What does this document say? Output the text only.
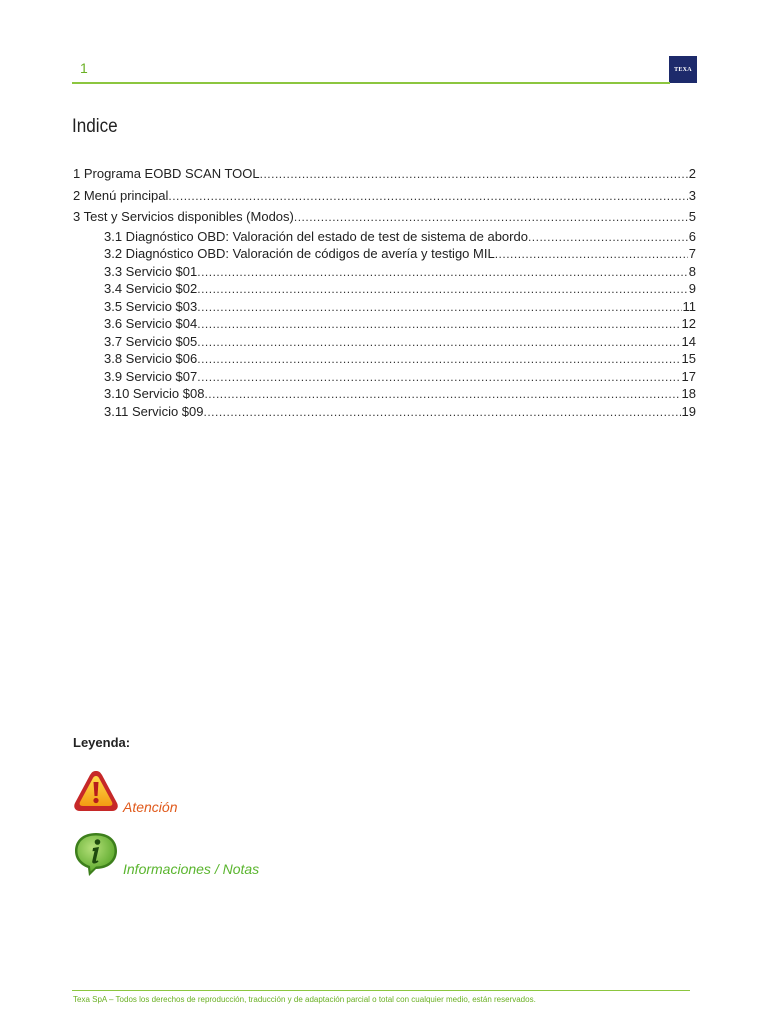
1	TEXA
Indice
1 Programa EOBD SCAN TOOL .....	2
2 Menú principal .....	3
3 Test y Servicios disponibles (Modos) .....	5
3.1 Diagnóstico OBD: Valoración del estado de test de sistema de abordo .....	6
3.2 Diagnóstico OBD: Valoración de códigos de avería y testigo MIL .....	7
3.3 Servicio $01 .....	8
3.4 Servicio $02 .....	9
3.5 Servicio $03 .....	11
3.6 Servicio $04 .....	12
3.7 Servicio $05 .....	14
3.8 Servicio $06 .....	15
3.9 Servicio $07 .....	17
3.10 Servicio $08 .....	18
3.11 Servicio $09 .....	19
Leyenda:
Atención
Informaciones / Notas
Texa SpA – Todos los derechos de reproducción, traducción y de adaptación parcial o total con cualquier medio, están reservados.
